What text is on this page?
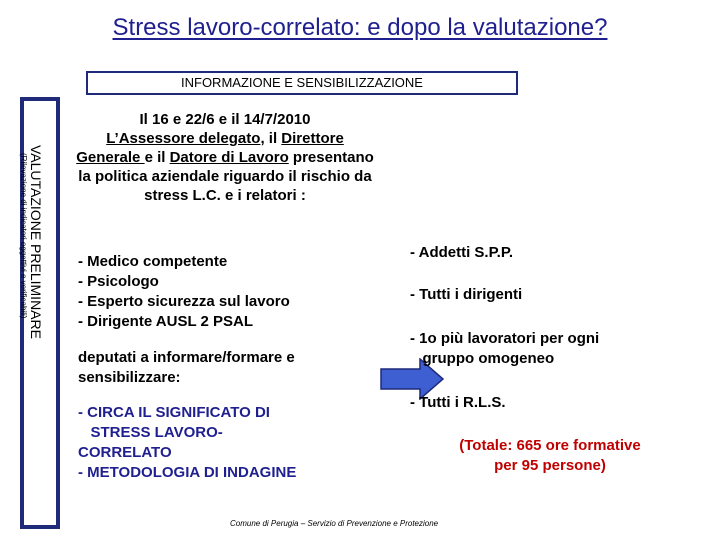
Stress lavoro-correlato: e dopo la valutazione?
INFORMAZIONE E SENSIBILIZZAZIONE
VALUTAZIONE PRELIMINARE
(Rilevazione di indicatori oggettivi e verificabili)
Il 16 e 22/6 e il 14/7/2010
L’Assessore delegato, il Direttore Generale e il Datore di Lavoro presentano la politica aziendale riguardo il rischio da stress L.C. e i relatori :
- Medico competente
- Psicologo
- Esperto sicurezza sul lavoro
- Dirigente AUSL 2 PSAL
deputati a informare/formare e sensibilizzare:
- CIRCA IL SIGNIFICATO DI
STRESS LAVORO-
CORRELATO
- METODOLOGIA DI INDAGINE
- Addetti S.P.P.
- Tutti i dirigenti
- 1o più lavoratori per ogni
gruppo omogeneo
- Tutti i R.L.S.
(Totale: 665 ore formative
per 95 persone)
Comune di Perugia – Servizio di Prevenzione e Protezione
